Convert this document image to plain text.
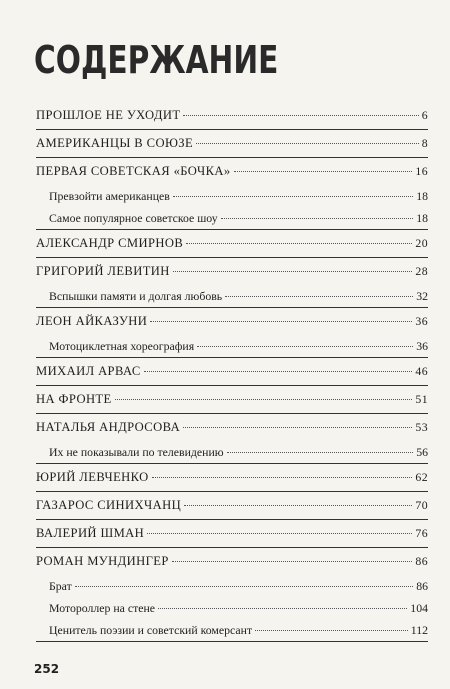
СОДЕРЖАНИЕ
ПРОШЛОЕ НЕ УХОДИТ	6
АМЕРИКАНЦЫ В СОЮЗЕ	8
ПЕРВАЯ СОВЕТСКАЯ «БОЧКА»	16
Превзойти американцев	18
Самое популярное советское шоу	18
АЛЕКСАНДР СМИРНОВ	20
ГРИГОРИЙ ЛЕВИТИН	28
Вспышки памяти и долгая любовь	32
ЛЕОН АЙКАЗУНИ	36
Мотоциклетная хореография	36
МИХАИЛ АРВАС	46
НА ФРОНТЕ	51
НАТАЛЬЯ АНДРОСОВА	53
Их не показывали по телевидению	56
ЮРИЙ ЛЕВЧЕНКО	62
ГАЗАРОС СИНИХЧАНЦ	70
ВАЛЕРИЙ ШМАН	76
РОМАН МУНДИНГЕР	86
Брат	86
Мотороллер на стене	104
Ценитель поэзии и советский комерсант	112
252
